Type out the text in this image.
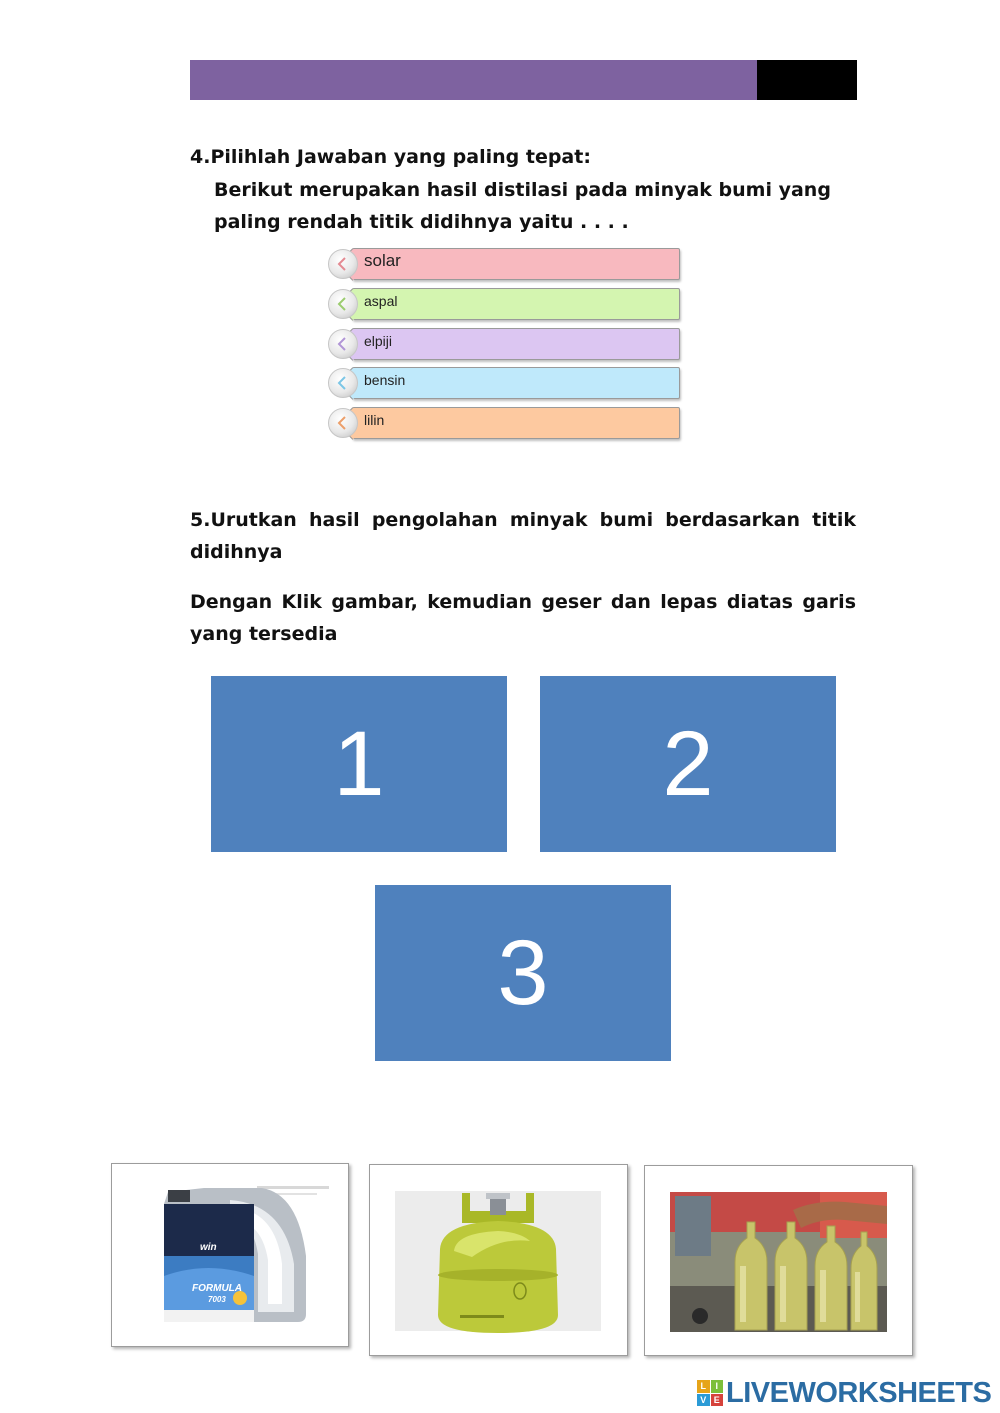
4.Pilihlah Jawaban yang paling tepat:
Berikut merupakan hasil distilasi pada minyak bumi yang paling rendah titik didihnya yaitu . . . .
solar
aspal
elpiji
bensin
lilin
5.Urutkan hasil pengolahan minyak bumi berdasarkan titik didihnya
Dengan Klik gambar, kemudian geser dan lepas diatas garis yang tersedia
1	2
3
win
FORMULA
7003
L	I
V E LIVEWORKSHEETS
